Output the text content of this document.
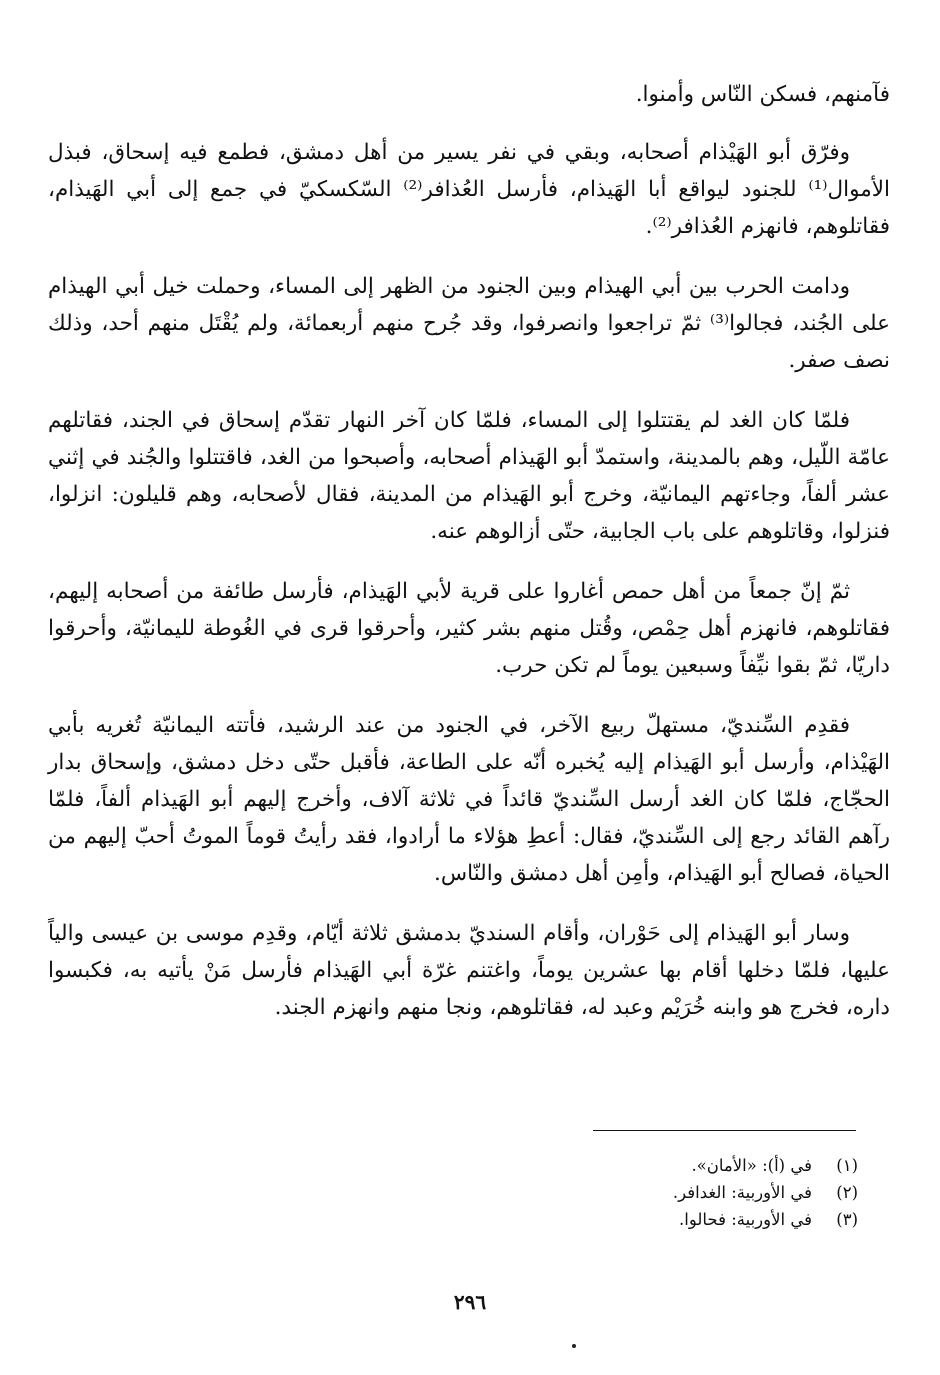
فآمنهم، فسكن النّاس وأمنوا.

وفرّق أبو الهَيْذام أصحابه، وبقي في نفر يسير من أهل دمشق، فطمع فيه إسحاق، فبذل الأموال⁽¹⁾ للجنود ليواقع أبا الهَيذام، فأرسل العُذافر⁽²⁾ السّكسكيّ في جمع إلى أبي الهَيذام، فقاتلوهم، فانهزم العُذافر⁽²⁾.

ودامت الحرب بين أبي الهيذام وبين الجنود من الظهر إلى المساء، وحملت خيل أبي الهيذام على الجُند، فجالوا⁽³⁾ ثمّ تراجعوا وانصرفوا، وقد جُرح منهم أربعمائة، ولم يُقْتَل منهم أحد، وذلك نصف صفر.

فلمّا كان الغد لم يقتتلوا إلى المساء، فلمّا كان آخر النهار تقدّم إسحاق في الجند، فقاتلهم عامّة اللّيل، وهم بالمدينة، واستمدّ أبو الهَيذام أصحابه، وأصبحوا من الغد، فاقتتلوا والجُند في إثني عشر ألفاً، وجاءتهم اليمانيّة، وخرج أبو الهَيذام من المدينة، فقال لأصحابه، وهم قليلون: انزلوا، فنزلوا، وقاتلوهم على باب الجابية، حتّى أزالوهم عنه.

ثمّ إنّ جمعاً من أهل حمص أغاروا على قرية لأبي الهَيذام، فأرسل طائفة من أصحابه إليهم، فقاتلوهم، فانهزم أهل حِمْص، وقُتل منهم بشر كثير، وأحرقوا قرى في الغُوطة لليمانيّة، وأحرقوا داريّا، ثمّ بقوا نيِّفاً وسبعين يوماً لم تكن حرب.

فقدِم السِّنديّ، مستهلّ ربيع الآخر، في الجنود من عند الرشيد، فأتته اليمانيّة تُغريه بأبي الهَيْذام، وأرسل أبو الهَيذام إليه يُخبره أنّه على الطاعة، فأقبل حتّى دخل دمشق، وإسحاق بدار الحجّاج، فلمّا كان الغد أرسل السِّنديّ قائداً في ثلاثة آلاف، وأخرج إليهم أبو الهَيذام ألفاً، فلمّا رآهم القائد رجع إلى السِّنديّ، فقال: أعطِ هؤلاء ما أرادوا، فقد رأيتُ قوماً الموتُ أحبّ إليهم من الحياة، فصالح أبو الهَيذام، وأمِن أهل دمشق والنّاس.

وسار أبو الهَيذام إلى حَوْران، وأقام السنديّ بدمشق ثلاثة أيّام، وقدِم موسى بن عيسى والياً عليها، فلمّا دخلها أقام بها عشرين يوماً، واغتنم غرّة أبي الهَيذام فأرسل مَنْ يأتيه به، فكبسوا داره، فخرج هو وابنه خُرَيْم وعبد له، فقاتلوهم، ونجا منهم وانهزم الجند.

(١)
في (أ): «الأمان».
(٢)
في الأوربية: الغدافر.
(٣)
في الأوربية: فحالوا.
٢٩٦
